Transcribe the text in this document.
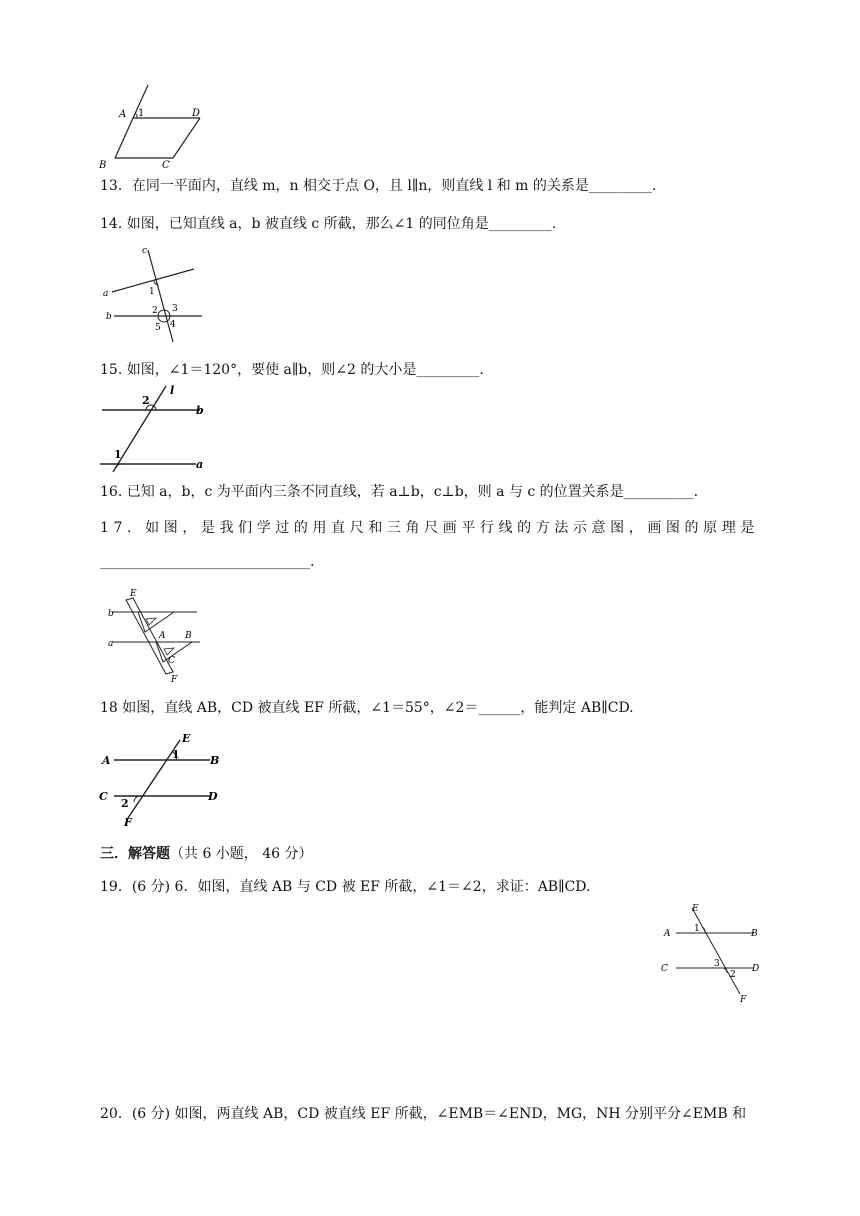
A 1	D
B	C
13．在同一平面内，直线 m，n 相交于点 O，且 l∥n，则直线 l 和 m 的关系是_________.
14. 如图，已知直线 a，b 被直线 c 所截，那么∠1 的同位角是_________.
c
a
b
1
2 3
4
5
15. 如图，∠1＝120°，要使 a∥b，则∠2 的大小是_________.
l
2
b
1
a
16. 已知 a，b，c 为平面内三条不同直线，若 a⊥b，c⊥b，则 a 与 c 的位置关系是__________.
17. 如图，是我们学过的用直尺和三角尺画平行线的方法示意图，画图的原理是
______________________________.
E
b
a
A B
C
F
18 如图，直线 AB，CD 被直线 EF 所截，∠1＝55°，∠2＝______，能判定 AB∥CD.
A	B
E
1
C	D
2
F
三．解答题（共 6 小题， 46 分）
19．(6 分) 6．如图，直线 AB 与 CD 被 EF 所截，∠1＝∠2，求证：AB∥CD.
E
A	1	B
C	3
2
D
F
20．(6 分) 如图，两直线 AB，CD 被直线 EF 所截，∠EMB＝∠END，MG，NH 分别平分∠EMB 和
